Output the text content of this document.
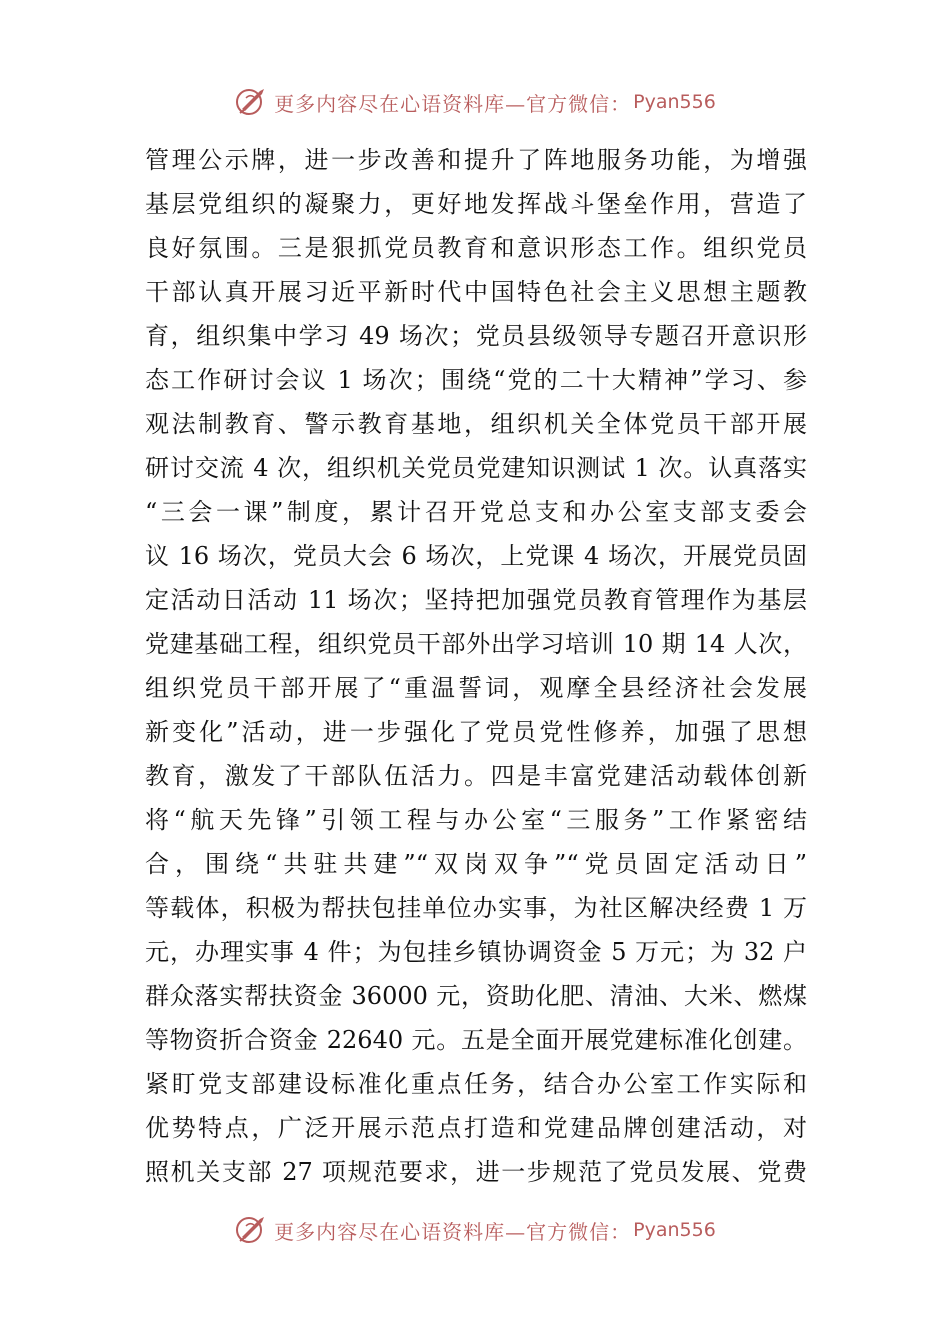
更多内容尽在心语资料库—官方微信： Pyan556
管理公示牌，进一步改善和提升了阵地服务功能，为增强
基层党组织的凝聚力，更好地发挥战斗堡垒作用，营造了
良好氛围。三是狠抓党员教育和意识形态工作。组织党员
干部认真开展习近平新时代中国特色社会主义思想主题教
育，组织集中学习 49 场次；党员县级领导专题召开意识形
态工作研讨会议 1 场次；围绕“党的二十大精神”学习、参
观法制教育、警示教育基地，组织机关全体党员干部开展
研讨交流 4 次，组织机关党员党建知识测试 1 次。认真落实
“三会一课”制度，累计召开党总支和办公室支部支委会
议 16 场次，党员大会 6 场次，上党课 4 场次，开展党员固
定活动日活动 11 场次；坚持把加强党员教育管理作为基层
党建基础工程，组织党员干部外出学习培训 10 期 14 人次，
组织党员干部开展了“重温誓词，观摩全县经济社会发展
新变化”活动，进一步强化了党员党性修养，加强了思想
教育，激发了干部队伍活力。四是丰富党建活动载体创新
将“航天先锋”引领工程与办公室“三服务”工作紧密结
合，围绕“共驻共建”“双岗双争”“党员固定活动日”
等载体，积极为帮扶包挂单位办实事，为社区解决经费 1 万
元，办理实事 4 件；为包挂乡镇协调资金 5 万元；为 32 户
群众落实帮扶资金 36000 元，资助化肥、清油、大米、燃煤
等物资折合资金 22640 元。五是全面开展党建标准化创建。
紧盯党支部建设标准化重点任务，结合办公室工作实际和
优势特点，广泛开展示范点打造和党建品牌创建活动，对
照机关支部 27 项规范要求，进一步规范了党员发展、党费
更多内容尽在心语资料库—官方微信： Pyan556
